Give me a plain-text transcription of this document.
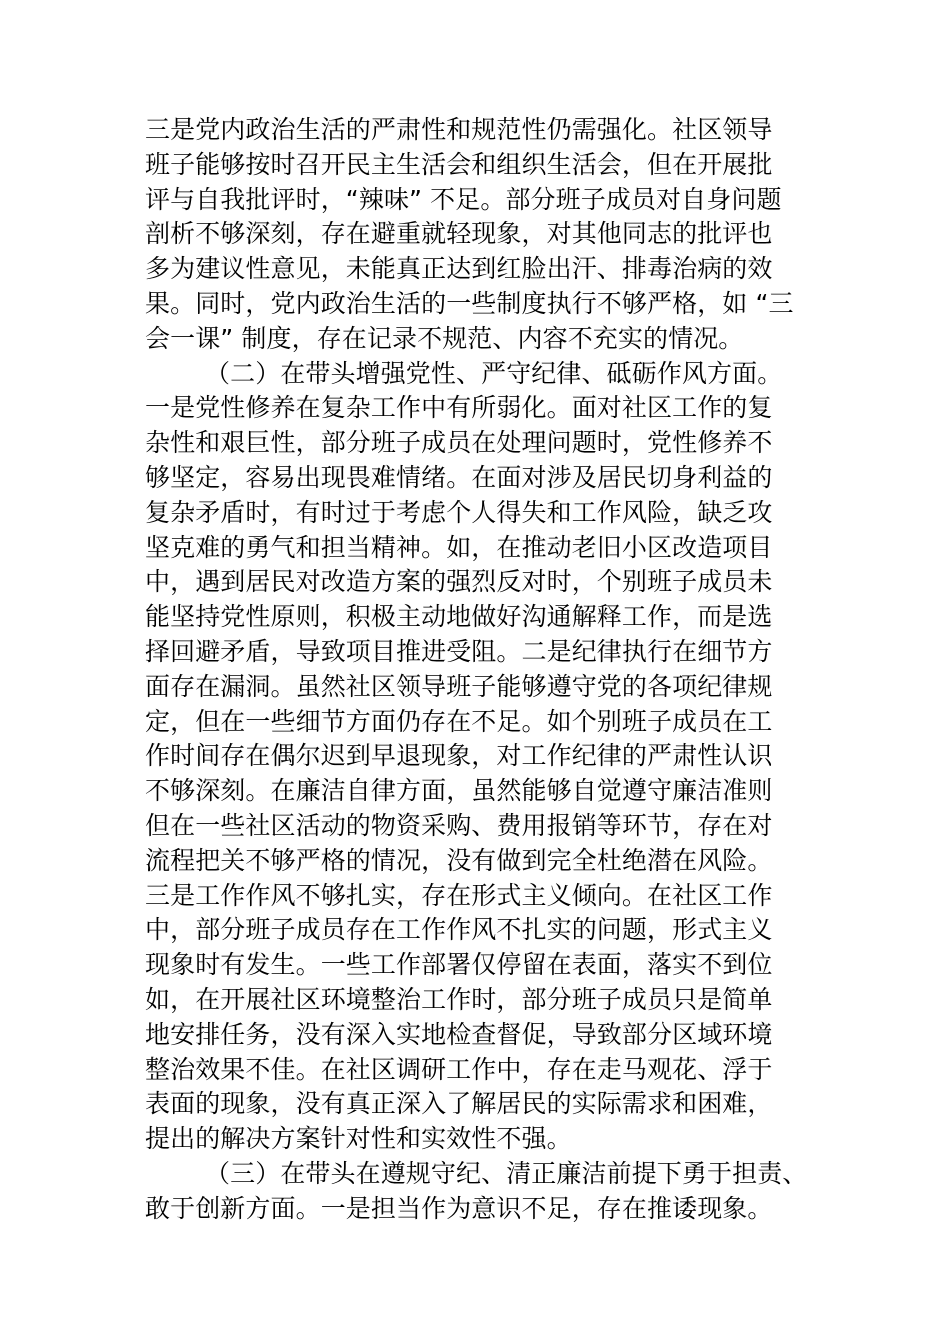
三是党内政治生活的严肃性和规范性仍需强化。社区领导
班子能够按时召开民主生活会和组织生活会，但在开展批
评与自我批评时，“辣味” 不足。部分班子成员对自身问题
剖析不够深刻，存在避重就轻现象，对其他同志的批评也
多为建议性意见，未能真正达到红脸出汗、排毒治病的效
果。同时，党内政治生活的一些制度执行不够严格，如 “三
会一课” 制度，存在记录不规范、内容不充实的情况。
（二）在带头增强党性、严守纪律、砥砺作风方面。
一是党性修养在复杂工作中有所弱化。面对社区工作的复
杂性和艰巨性，部分班子成员在处理问题时，党性修养不
够坚定，容易出现畏难情绪。在面对涉及居民切身利益的
复杂矛盾时，有时过于考虑个人得失和工作风险，缺乏攻
坚克难的勇气和担当精神。如，在推动老旧小区改造项目
中，遇到居民对改造方案的强烈反对时，个别班子成员未
能坚持党性原则，积极主动地做好沟通解释工作，而是选
择回避矛盾，导致项目推进受阻。二是纪律执行在细节方
面存在漏洞。虽然社区领导班子能够遵守党的各项纪律规
定，但在一些细节方面仍存在不足。如个别班子成员在工
作时间存在偶尔迟到早退现象，对工作纪律的严肃性认识
不够深刻。在廉洁自律方面，虽然能够自觉遵守廉洁准则
但在一些社区活动的物资采购、费用报销等环节，存在对
流程把关不够严格的情况，没有做到完全杜绝潜在风险。
三是工作作风不够扎实，存在形式主义倾向。在社区工作
中，部分班子成员存在工作作风不扎实的问题，形式主义
现象时有发生。一些工作部署仅停留在表面，落实不到位
如，在开展社区环境整治工作时，部分班子成员只是简单
地安排任务，没有深入实地检查督促，导致部分区域环境
整治效果不佳。在社区调研工作中，存在走马观花、浮于
表面的现象，没有真正深入了解居民的实际需求和困难，
提出的解决方案针对性和实效性不强。
（三）在带头在遵规守纪、清正廉洁前提下勇于担责、
敢于创新方面。一是担当作为意识不足，存在推诿现象。
